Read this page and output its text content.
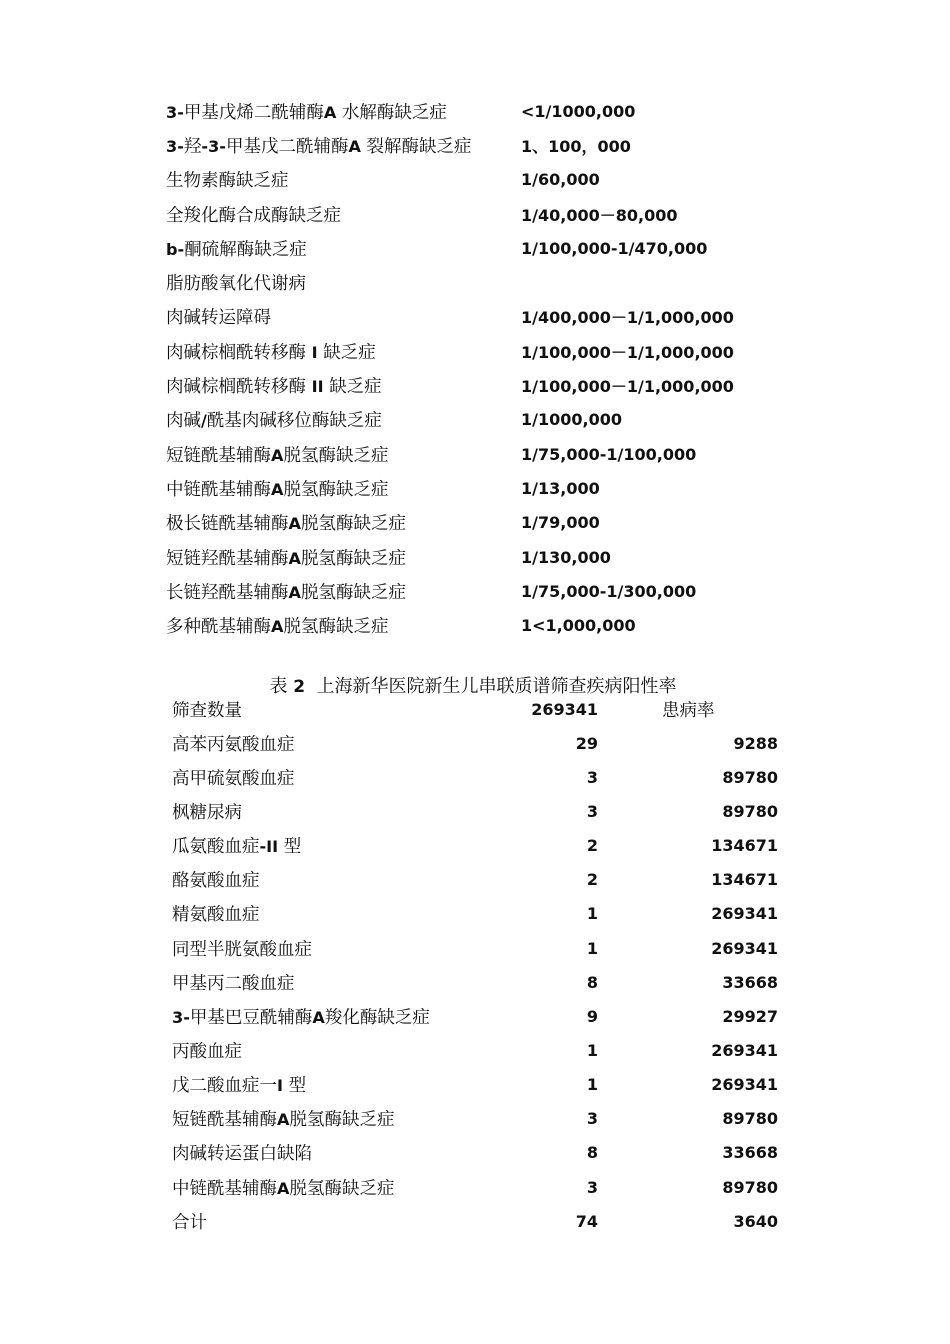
3-甲基戊烯二酰辅酶A 水解酶缺乏症	<1/1000,000
3-羟-3-甲基戊二酰辅酶A 裂解酶缺乏症	1、100，000
生物素酶缺乏症	1/60,000
全羧化酶合成酶缺乏症	1/40,000－80,000
b-酮硫解酶缺乏症	1/100,000-1/470,000
脂肪酸氧化代谢病
肉碱转运障碍	1/400,000－1/1,000,000
肉碱棕榈酰转移酶 I 缺乏症	1/100,000－1/1,000,000
肉碱棕榈酰转移酶 II 缺乏症	1/100,000－1/1,000,000
肉碱/酰基肉碱移位酶缺乏症	1/1000,000
短链酰基辅酶A脱氢酶缺乏症	1/75,000-1/100,000
中链酰基辅酶A脱氢酶缺乏症	1/13,000
极长链酰基辅酶A脱氢酶缺乏症	1/79,000
短链羟酰基辅酶A脱氢酶缺乏症	1/130,000
长链羟酰基辅酶A脱氢酶缺乏症	1/75,000-1/300,000
多种酰基辅酶A脱氢酶缺乏症	1<1,000,000
表 2 上海新华医院新生儿串联质谱筛查疾病阳性率
筛查数量	269341	患病率
高苯丙氨酸血症	29	9288
高甲硫氨酸血症	3	89780
枫糖尿病	3	89780
瓜氨酸血症-II 型	2	134671
酪氨酸血症	2	134671
精氨酸血症	1	269341
同型半胱氨酸血症	1	269341
甲基丙二酸血症	8	33668
3-甲基巴豆酰辅酶A羧化酶缺乏症	9	29927
丙酸血症	1	269341
戊二酸血症一I 型	1	269341
短链酰基辅酶A脱氢酶缺乏症	3	89780
肉碱转运蛋白缺陷	8	33668
中链酰基辅酶A脱氢酶缺乏症	3	89780
合计	74	3640
